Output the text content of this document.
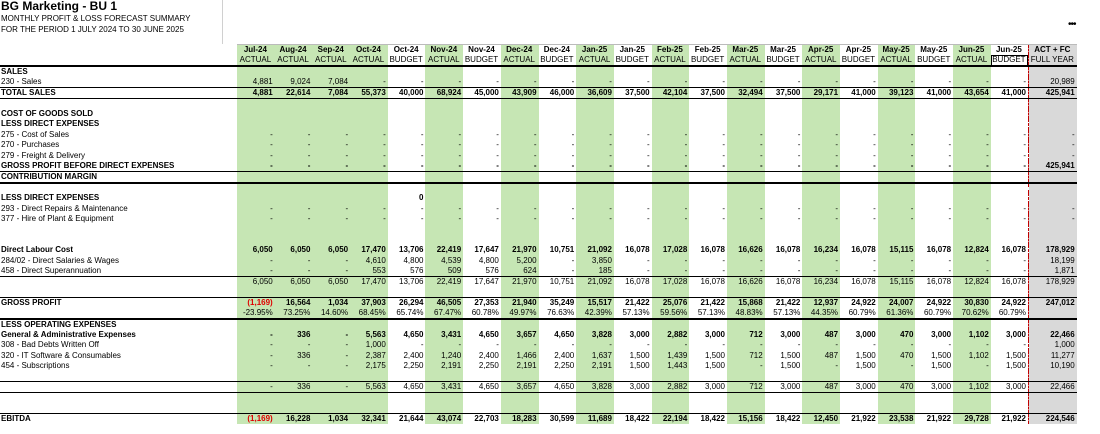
BG Marketing - BU 1
MONTHLY PROFIT & LOSS FORECAST SUMMARY
FOR THE PERIOD 1 JULY 2024 TO 30 JUNE 2025	•••
	Jul-24	Aug-24	Sep-24	Oct-24	Oct-24	Nov-24	Nov-24	Dec-24	Dec-24	Jan-25	Jan-25	Feb-25	Feb-25	Mar-25	Mar-25	Apr-25	Apr-25	May-25	May-25	Jun-25	Jun-25	ACT + FC
	ACTUAL	ACTUAL	ACTUAL	ACTUAL	BUDGET	ACTUAL	BUDGET	ACTUAL	BUDGET	ACTUAL	BUDGET	ACTUAL	BUDGET	ACTUAL	BUDGET	ACTUAL	BUDGET	ACTUAL	BUDGET	ACTUAL	BUDGET	FULL YEAR
SALES																						
230 - Sales	4,881	9,024	7,084	-	-	-	-	-	-	-	-	-	-	-	-	-	-	-	-	-	-	20,989
TOTAL SALES	4,881	22,614	7,084	55,373	40,000	68,924	45,000	43,909	46,000	36,609	37,500	42,104	37,500	32,494	37,500	29,171	41,000	39,123	41,000	43,654	41,000	425,941

COST OF GOODS SOLD																						
LESS DIRECT EXPENSES																						
275 - Cost of Sales	-	-	-	-	-	-	-	-	-	-	-	-	-	-	-	-	-	-	-	-	-	-
270 - Purchases	-	-	-	-	-	-	-	-	-	-	-	-	-	-	-	-	-	-	-	-	-	-
279 - Freight & Delivery	-	-	-	-	-	-	-	-	-	-	-	-	-	-	-	-	-	-	-	-	-	-
GROSS PROFIT BEFORE DIRECT EXPENSES	-	-	-	-	-	-	-	-	-	-	-	-	-	-	-	-	-	-	-	-	-	425,941
CONTRIBUTION MARGIN																						

LESS DIRECT EXPENSES					0																	
293 - Direct Repairs & Maintenance	-	-	-	-	-	-	-	-	-	-	-	-	-	-	-	-	-	-	-	-	-	-
377 - Hire of Plant & Equipment	-	-	-	-	-	-	-	-	-	-	-	-	-	-	-	-	-	-	-	-	-	-

Direct Labour Cost	6,050	6,050	6,050	17,470	13,706	22,419	17,647	21,970	10,751	21,092	16,078	17,028	16,078	16,626	16,078	16,234	16,078	15,115	16,078	12,824	16,078	178,929
284/02 - Direct Salaries & Wages	-	-	-	4,610	4,800	4,539	4,800	5,200	-	3,850	-	-	-	-	-	-	-	-	-	-	-	18,199
458 - Direct Superannuation	-	-	-	553	576	509	576	624	-	185	-	-	-	-	-	-	-	-	-	-	-	1,871
	6,050	6,050	6,050	17,470	13,706	22,419	17,647	21,970	10,751	21,092	16,078	17,028	16,078	16,626	16,078	16,234	16,078	15,115	16,078	12,824	16,078	178,929

GROSS PROFIT	(1,169)	16,564	1,034	37,903	26,294	46,505	27,353	21,940	35,249	15,517	21,422	25,076	21,422	15,868	21,422	12,937	24,922	24,007	24,922	30,830	24,922	247,012
	-23.95%	73.25%	14.60%	68.45%	65.74%	67.47%	60.78%	49.97%	76.63%	42.39%	57.13%	59.56%	57.13%	48.83%	57.13%	44.35%	60.79%	61.36%	60.79%	70.62%	60.79%	
LESS OPERATING EXPENSES																						
General & Administrative Expenses	-	336	-	5,563	4,650	3,431	4,650	3,657	4,650	3,828	3,000	2,882	3,000	712	3,000	487	3,000	470	3,000	1,102	3,000	22,466
308 - Bad Debts Written Off	-	-	-	1,000	-	-	-	-	-	-	-	-	-	-	-	-	-	-	-	-	-	1,000
320 - IT Software & Consumables	-	336	-	2,387	2,400	1,240	2,400	1,466	2,400	1,637	1,500	1,439	1,500	712	1,500	487	1,500	470	1,500	1,102	1,500	11,277
454 - Subscriptions	-	-	-	2,175	2,250	2,191	2,250	2,191	2,250	2,191	1,500	1,443	1,500	-	1,500	-	1,500	-	1,500	-	1,500	10,190

	-	336	-	5,563	4,650	3,431	4,650	3,657	4,650	3,828	3,000	2,882	3,000	712	3,000	487	3,000	470	3,000	1,102	3,000	22,466

EBITDA	(1,169)	16,228	1,034	32,341	21,644	43,074	22,703	18,283	30,599	11,689	18,422	22,194	18,422	15,156	18,422	12,450	21,922	23,538	21,922	29,728	21,922	224,546
